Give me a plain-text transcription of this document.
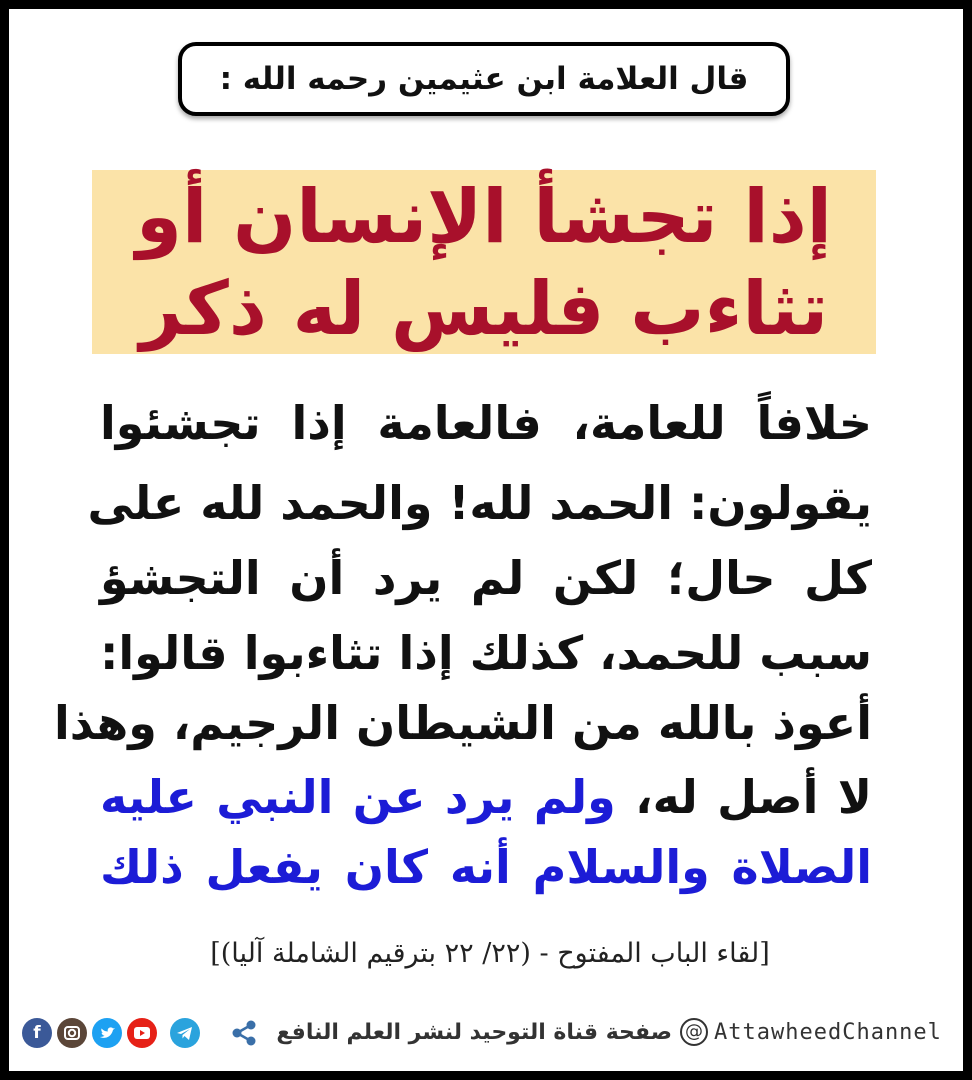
قال العلامة ابن عثيمين رحمه الله :
إذا تجشأ الإنسان أو
تثاءب فليس له ذكر
خلافاً للعامة، فالعامة إذا تجشئوا
يقولون: الحمد لله! والحمد لله على
كل حال؛ لكن لم يرد أن التجشؤ
سبب للحمد، كذلك إذا تثاءبوا قالوا:
أعوذ بالله من الشيطان الرجيم، وهذا
لا أصل له، ولم يرد عن النبي عليه
الصلاة والسلام أنه كان يفعل ذلك
[لقاء الباب المفتوح - (٢٢/ ٢٢ بترقيم الشاملة آليا)]
f	صفحة قناة التوحيد لنشر العلم النافع @ AttawheedChannel
